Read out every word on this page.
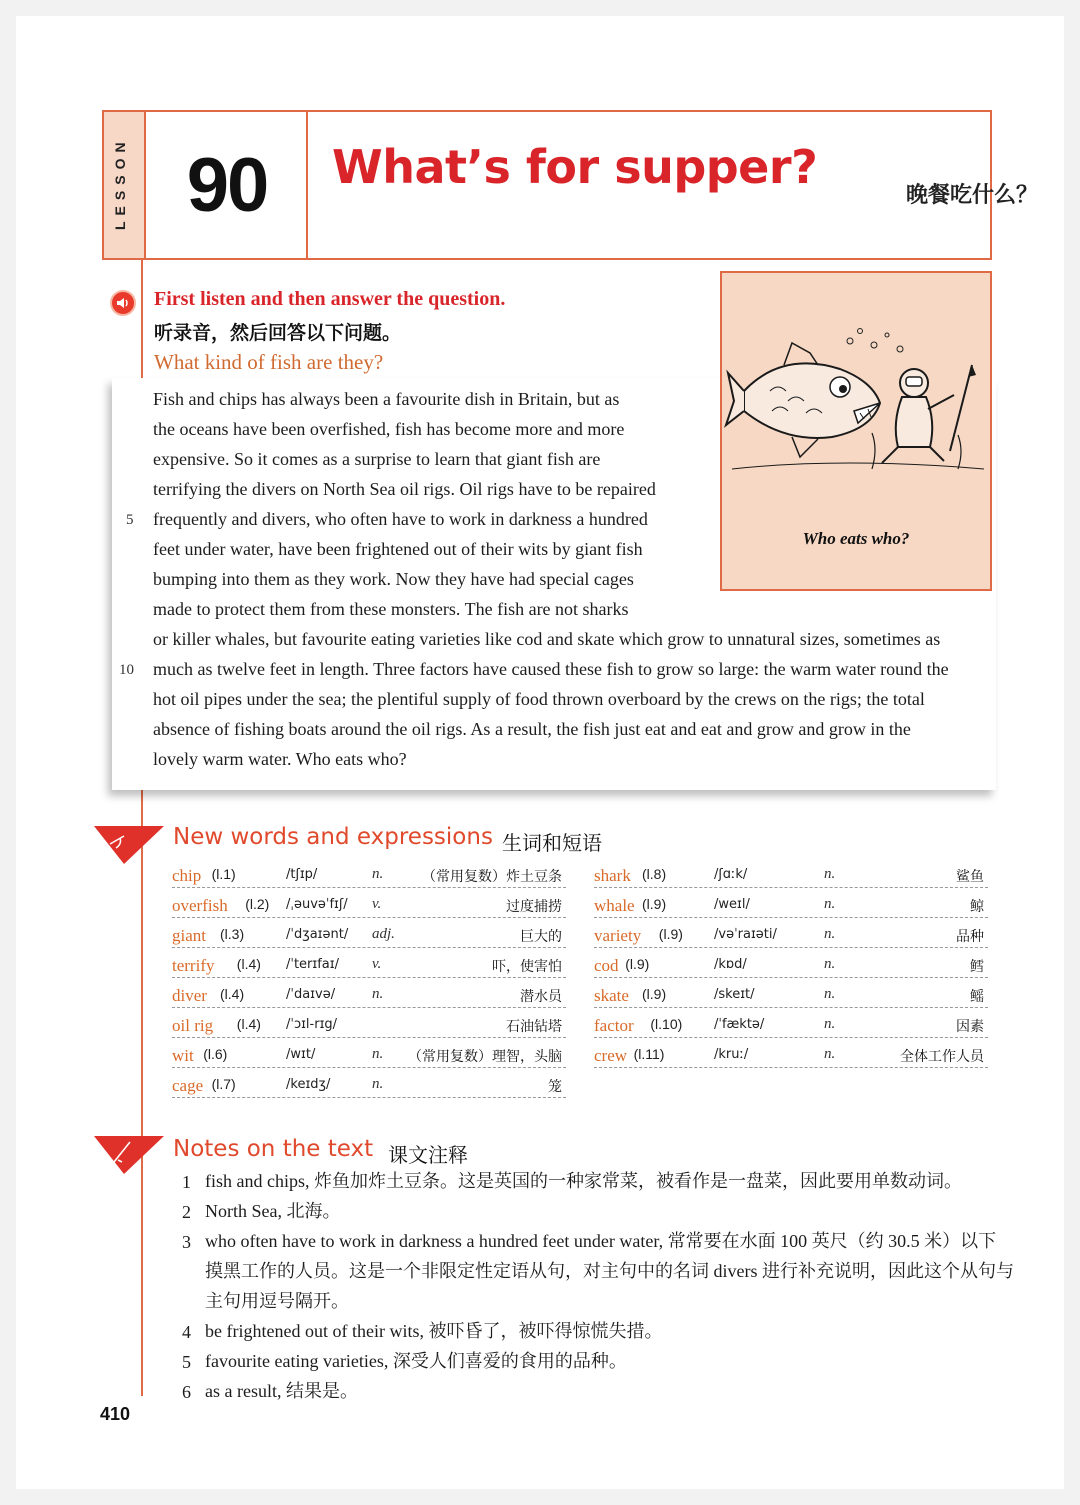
LESSON 90	What’s for supper?
晚餐吃什么？
First listen and then answer the question.
听录音，然后回答以下问题。
What kind of fish are they?
Fish and chips has always been a favourite dish in Britain, but as
the oceans have been overfished, fish has become more and more
expensive. So it comes as a surprise to learn that giant fish are
terrifying the divers on North Sea oil rigs. Oil rigs have to be repaired
frequently and divers, who often have to work in darkness a hundred
feet under water, have been frightened out of their wits by giant fish
bumping into them as they work. Now they have had special cages
made to protect them from these monsters. The fish are not sharks
or killer whales, but favourite eating varieties like cod and skate which grow to unnatural sizes, sometimes as
much as twelve feet in length. Three factors have caused these fish to grow so large: the warm water round the
hot oil pipes under the sea; the plentiful supply of food thrown overboard by the crews on the rigs; the total
absence of fishing boats around the oil rigs. As a result, the fish just eat and eat and grow and grow in the
lovely warm water. Who eats who?
5
10
Who eats who?
New words and expressions 生词和短语
chip (l.1)	/tʃɪp/	n.	（常用复数）炸土豆条
overfish (l.2) /ˌəuvəˈfɪʃ/ v.	过度捕捞
giant (l.3)	/ˈdʒaɪənt/ adj.	巨大的
terrify (l.4) /ˈterɪfaɪ/ v.	吓，使害怕
diver (l.4)	/ˈdaɪvə/ n.	潜水员
oil rig (l.4) /ˈɔɪl-rɪg/	石油钻塔
wit (l.6)	/wɪt/	n. （常用复数）理智，头脑
cage (l.7)	/keɪdʒ/	n.	笼
shark (l.8)	/ʃɑːk/	n.	鲨鱼
whale (l.9)	/weɪl/	n.	鲸
variety (l.9) /vəˈraɪəti/	n.	品种
cod (l.9)	/kɒd/	n.	鳕
skate (l.9)	/skeɪt/	n.	鳐
factor (l.10) /ˈfæktə/	n.	因素
crew (l.11)	/kruː/	n.	全体工作人员
Notes on the text 课文注释
1 fish and chips, 炸鱼加炸土豆条。这是英国的一种家常菜，被看作是一盘菜，因此要用单数动词。
2 North Sea, 北海。
3 who often have to work in darkness a hundred feet under water, 常常要在水面 100 英尺（约 30.5 米）以下
摸黑工作的人员。这是一个非限定性定语从句，对主句中的名词 divers 进行补充说明，因此这个从句与
主句用逗号隔开。
4 be frightened out of their wits, 被吓昏了，被吓得惊慌失措。
5 favourite eating varieties, 深受人们喜爱的食用的品种。
6 as a result, 结果是。
410
